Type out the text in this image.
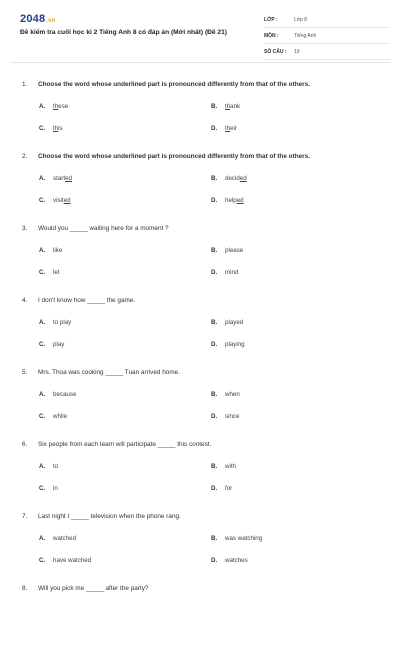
2048.vn
Đề kiểm tra cuối học kì 2 Tiếng Anh 8 có đáp án (Mới nhất) (Đề 21)
LỚP :	Lớp 8
MÔN :	Tiếng Anh
SỐ CÂU : 19
1. Choose the word whose underlined part is pronounced differently from that of the others.
A. these	B. thank
C. this	D. their
2. Choose the word whose underlined part is pronounced differently from that of the others.
A. started	B. decided
C. visited	D. helped
3. Would you _____ waiting here for a moment ?
A. like	B. please
C. let	D. mind
4. I don't know how _____ the game.
A. to play	B. played
C. play	D. playing
5. Mrs. Thoa was cooking _____ Tuan arrived home.
A. because	B. when
C. while	D. since
6. Six people from each team will participate _____ this contest.
A. to	B. with
C. in	D. for
7. Last night I _____ television when the phone rang.
A. watched	B. was watching
C. have watched	D. watches
8. Will you pick me _____ after the party?
